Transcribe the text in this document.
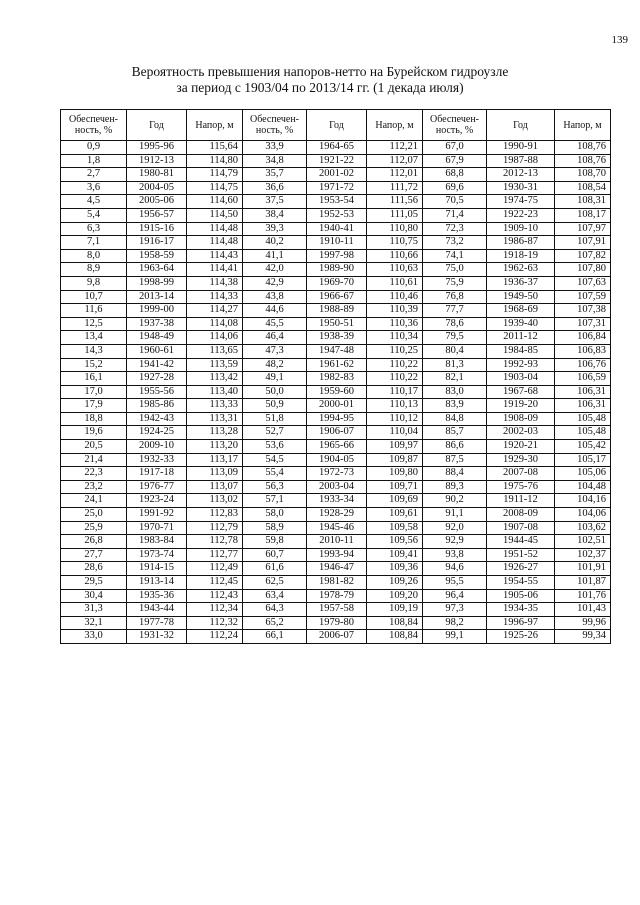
139
Вероятность превышения напоров-нетто на Бурейском гидроузле
за период с 1903/04 по 2013/14 гг. (1 декада июля)
Обеспечен-ность, %	Год	Напор, м	Обеспечен-ность, %	Год	Напор, м	Обеспечен-ность, %	Год	Напор, м
0,9	1995-96	115,64	33,9	1964-65	112,21	67,0	1990-91	108,76
1,8	1912-13	114,80	34,8	1921-22	112,07	67,9	1987-88	108,76
2,7	1980-81	114,79	35,7	2001-02	112,01	68,8	2012-13	108,70
3,6	2004-05	114,75	36,6	1971-72	111,72	69,6	1930-31	108,54
4,5	2005-06	114,60	37,5	1953-54	111,56	70,5	1974-75	108,31
5,4	1956-57	114,50	38,4	1952-53	111,05	71,4	1922-23	108,17
6,3	1915-16	114,48	39,3	1940-41	110,80	72,3	1909-10	107,97
7,1	1916-17	114,48	40,2	1910-11	110,75	73,2	1986-87	107,91
8,0	1958-59	114,43	41,1	1997-98	110,66	74,1	1918-19	107,82
8,9	1963-64	114,41	42,0	1989-90	110,63	75,0	1962-63	107,80
9,8	1998-99	114,38	42,9	1969-70	110,61	75,9	1936-37	107,63
10,7	2013-14	114,33	43,8	1966-67	110,46	76,8	1949-50	107,59
11,6	1999-00	114,27	44,6	1988-89	110,39	77,7	1968-69	107,38
12,5	1937-38	114,08	45,5	1950-51	110,36	78,6	1939-40	107,31
13,4	1948-49	114,06	46,4	1938-39	110,34	79,5	2011-12	106,84
14,3	1960-61	113,65	47,3	1947-48	110,25	80,4	1984-85	106,83
15,2	1941-42	113,59	48,2	1961-62	110,22	81,3	1992-93	106,76
16,1	1927-28	113,42	49,1	1982-83	110,22	82,1	1903-04	106,59
17,0	1955-56	113,40	50,0	1959-60	110,17	83,0	1967-68	106,31
17,9	1985-86	113,33	50,9	2000-01	110,13	83,9	1919-20	106,31
18,8	1942-43	113,31	51,8	1994-95	110,12	84,8	1908-09	105,48
19,6	1924-25	113,28	52,7	1906-07	110,04	85,7	2002-03	105,48
20,5	2009-10	113,20	53,6	1965-66	109,97	86,6	1920-21	105,42
21,4	1932-33	113,17	54,5	1904-05	109,87	87,5	1929-30	105,17
22,3	1917-18	113,09	55,4	1972-73	109,80	88,4	2007-08	105,06
23,2	1976-77	113,07	56,3	2003-04	109,71	89,3	1975-76	104,48
24,1	1923-24	113,02	57,1	1933-34	109,69	90,2	1911-12	104,16
25,0	1991-92	112,83	58,0	1928-29	109,61	91,1	2008-09	104,06
25,9	1970-71	112,79	58,9	1945-46	109,58	92,0	1907-08	103,62
26,8	1983-84	112,78	59,8	2010-11	109,56	92,9	1944-45	102,51
27,7	1973-74	112,77	60,7	1993-94	109,41	93,8	1951-52	102,37
28,6	1914-15	112,49	61,6	1946-47	109,36	94,6	1926-27	101,91
29,5	1913-14	112,45	62,5	1981-82	109,26	95,5	1954-55	101,87
30,4	1935-36	112,43	63,4	1978-79	109,20	96,4	1905-06	101,76
31,3	1943-44	112,34	64,3	1957-58	109,19	97,3	1934-35	101,43
32,1	1977-78	112,32	65,2	1979-80	108,84	98,2	1996-97	99,96
33,0	1931-32	112,24	66,1	2006-07	108,84	99,1	1925-26	99,34
